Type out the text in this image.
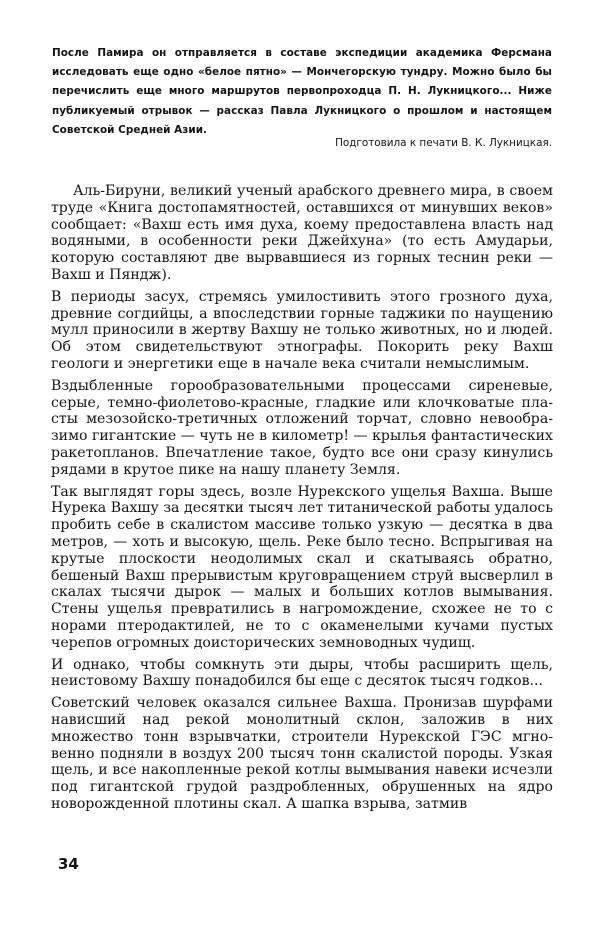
После Памира он отправляется в составе экспедиции академика Ферсмана исследовать еще одно «белое пятно» — Мончегорскую тундру. Можно было бы перечислить еще много маршрутов первопроходца П. Н. Лукницкого... Ниже публикуемый отрывок — рассказ Павла Лукницкого о прошлом и настоящем Советской Средней Азии.
Подготовила к печати В. К. Лукницкая.

Аль-Бируни, великий ученый арабского древнего мира, в своем труде «Книга достопамятностей, оставшихся от минувших веков» сообщает: «Вахш есть имя духа, коему предоставлена власть над водяными, в особенности реки Джейхуна» (то есть Амударьи, которую составляют две вырвавшиеся из горных теснин реки — Вахш и Пяндж).

В периоды засух, стремясь умилостивить этого грозного духа, древние согдийцы, а впоследствии горные таджики по наущению мулл приносили в жертву Вахшу не только животных, но и людей. Об этом свидетельствуют этнографы. Покорить реку Вахш геологи и энергетики еще в начале века считали немыслимым.

Вздыбленные горообразовательными процессами сиреневые, серые, темно-фиолетово-красные, гладкие или клочковатые пласты мезозойско-третичных отложений торчат, словно невообразимо гигантские — чуть не в километр! — крылья фантастических ракетопланов. Впечатление такое, будто все они сразу кинулись рядами в крутое пике на нашу планету Земля.

Так выглядят горы здесь, возле Нурекского ущелья Вахша. Выше Нурека Вахшу за десятки тысяч лет титанической работы удалось пробить себе в скалистом массиве только узкую — десятка в два метров, — хоть и высокую, щель. Реке было тесно. Вспрыгивая на крутые плоскости неодолимых скал и скатываясь обратно, бешеный Вахш прерывистым круговращением струй высверлил в скалах тысячи дырок — малых и больших котлов вымывания. Стены ущелья превратились в нагромождение, схожее не то с норами птеродактилей, не то с окаменелыми кучами пустых черепов огромных доисторических земноводных чудищ.

И однако, чтобы сомкнуть эти дыры, чтобы расширить щель, неистовому Вахшу понадобился бы еще с десяток тысяч годков...

Советский человек оказался сильнее Вахша. Пронизав шурфами нависший над рекой монолитный склон, заложив в них множество тонн взрывчатки, строители Нурекской ГЭС мгновенно подняли в воздух 200 тысяч тонн скалистой породы. Узкая щель, и все накопленные рекой котлы вымывания навеки исчезли под гигантской грудой раздробленных, обрушенных на ядро новорожденной плотины скал. А шапка взрыва, затмив

34
